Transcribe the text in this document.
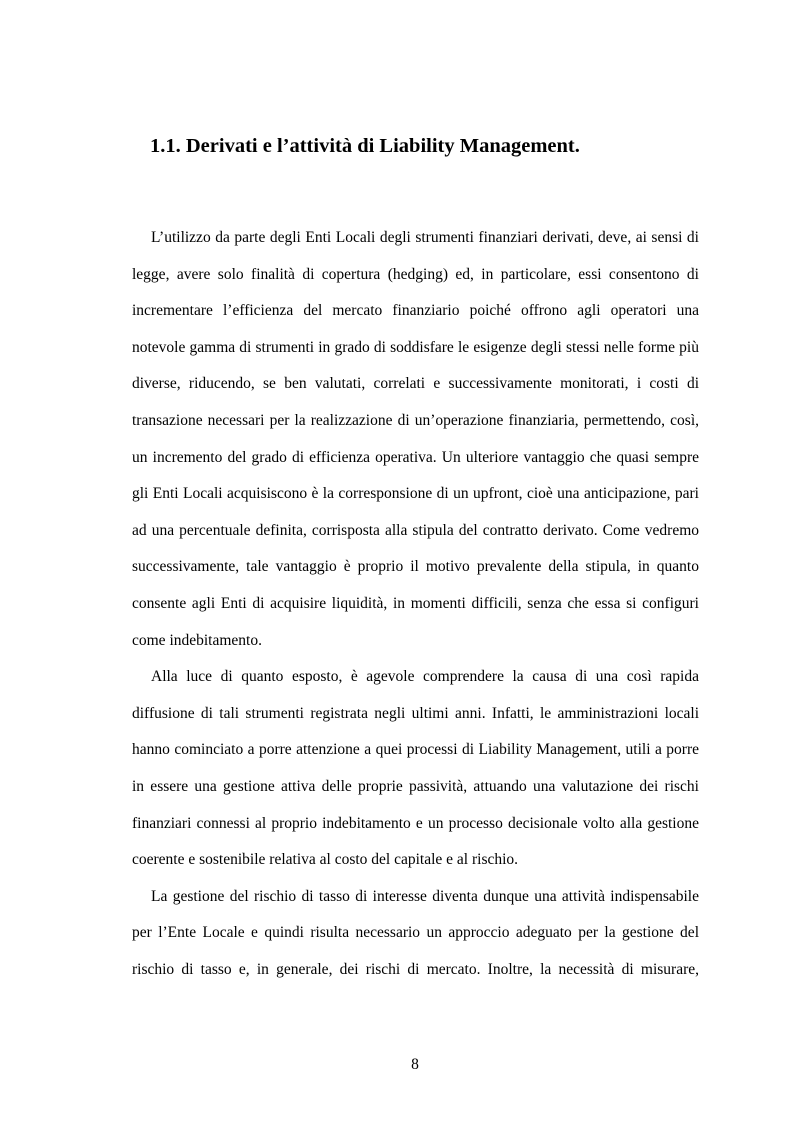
1.1. Derivati e l’attività di Liability Management.

L’utilizzo da parte degli Enti Locali degli strumenti finanziari derivati, deve, ai sensi di legge, avere solo finalità di copertura (hedging) ed, in particolare, essi consentono di incrementare l’efficienza del mercato finanziario poiché offrono agli operatori una notevole gamma di strumenti in grado di soddisfare le esigenze degli stessi nelle forme più diverse, riducendo, se ben valutati, correlati e successivamente monitorati, i costi di transazione necessari per la realizzazione di un’operazione finanziaria, permettendo, così, un incremento del grado di efficienza operativa. Un ulteriore vantaggio che quasi sempre gli Enti Locali acquisiscono è la corresponsione di un upfront, cioè una anticipazione, pari ad una percentuale definita, corrisposta alla stipula del contratto derivato. Come vedremo successivamente, tale vantaggio è proprio il motivo prevalente della stipula, in quanto consente agli Enti di acquisire liquidità, in momenti difficili, senza che essa si configuri come indebitamento.

Alla luce di quanto esposto, è agevole comprendere la causa di una così rapida diffusione di tali strumenti registrata negli ultimi anni. Infatti, le amministrazioni locali hanno cominciato a porre attenzione a quei processi di Liability Management, utili a porre in essere una gestione attiva delle proprie passività, attuando una valutazione dei rischi finanziari connessi al proprio indebitamento e un processo decisionale volto alla gestione coerente e sostenibile relativa al costo del capitale e al rischio.

La gestione del rischio di tasso di interesse diventa dunque una attività indispensabile per l’Ente Locale e quindi risulta necessario un approccio adeguato per la gestione del rischio di tasso e, in generale, dei rischi di mercato. Inoltre, la necessità di misurare,

8
